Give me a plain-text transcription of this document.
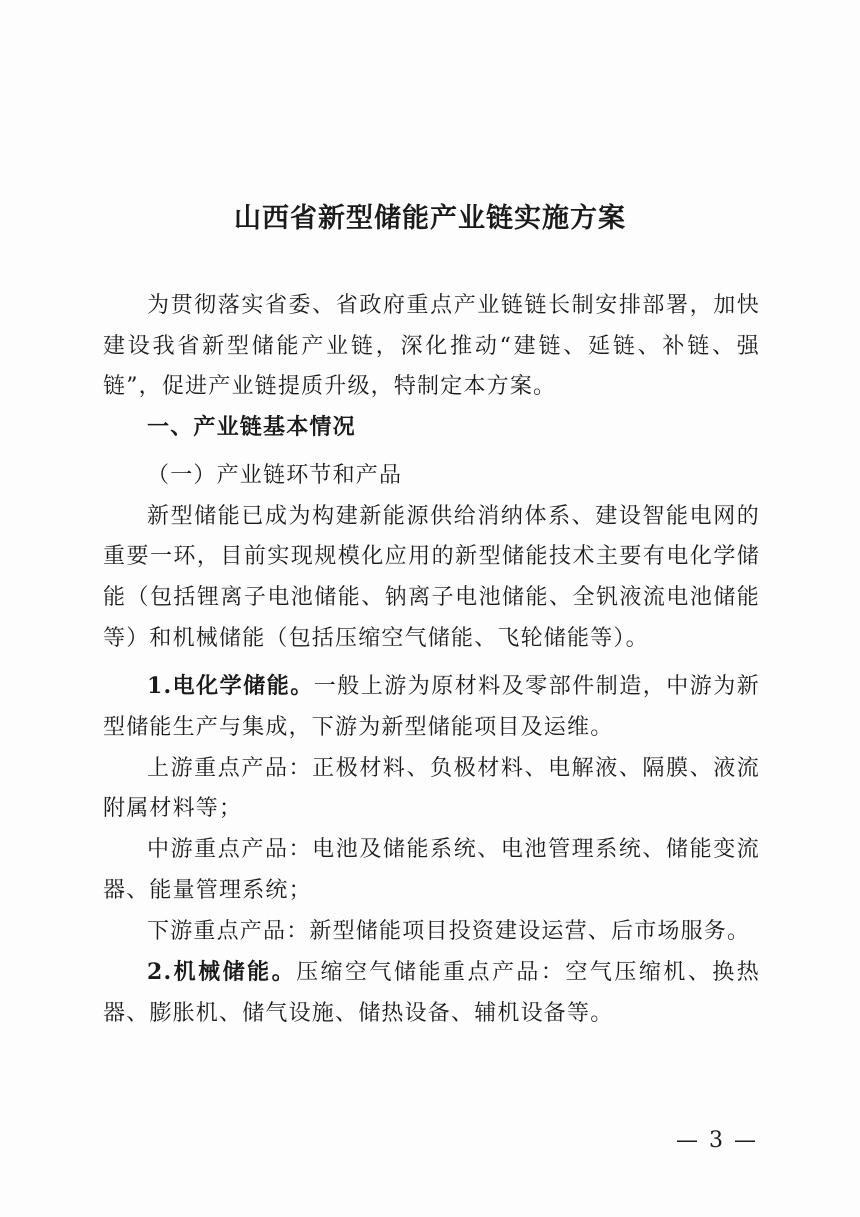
山西省新型储能产业链实施方案

为贯彻落实省委、省政府重点产业链链长制安排部署，加快建设我省新型储能产业链，深化推动“建链、延链、补链、强链”，促进产业链提质升级，特制定本方案。

一、产业链基本情况

（一）产业链环节和产品

新型储能已成为构建新能源供给消纳体系、建设智能电网的重要一环，目前实现规模化应用的新型储能技术主要有电化学储能（包括锂离子电池储能、钠离子电池储能、全钒液流电池储能等）和机械储能（包括压缩空气储能、飞轮储能等）。

1.电化学储能。一般上游为原材料及零部件制造，中游为新型储能生产与集成，下游为新型储能项目及运维。

上游重点产品：正极材料、负极材料、电解液、隔膜、液流附属材料等；

中游重点产品：电池及储能系统、电池管理系统、储能变流器、能量管理系统；

下游重点产品：新型储能项目投资建设运营、后市场服务。

2.机械储能。压缩空气储能重点产品：空气压缩机、换热器、膨胀机、储气设施、储热设备、辅机设备等。

— 3 —
